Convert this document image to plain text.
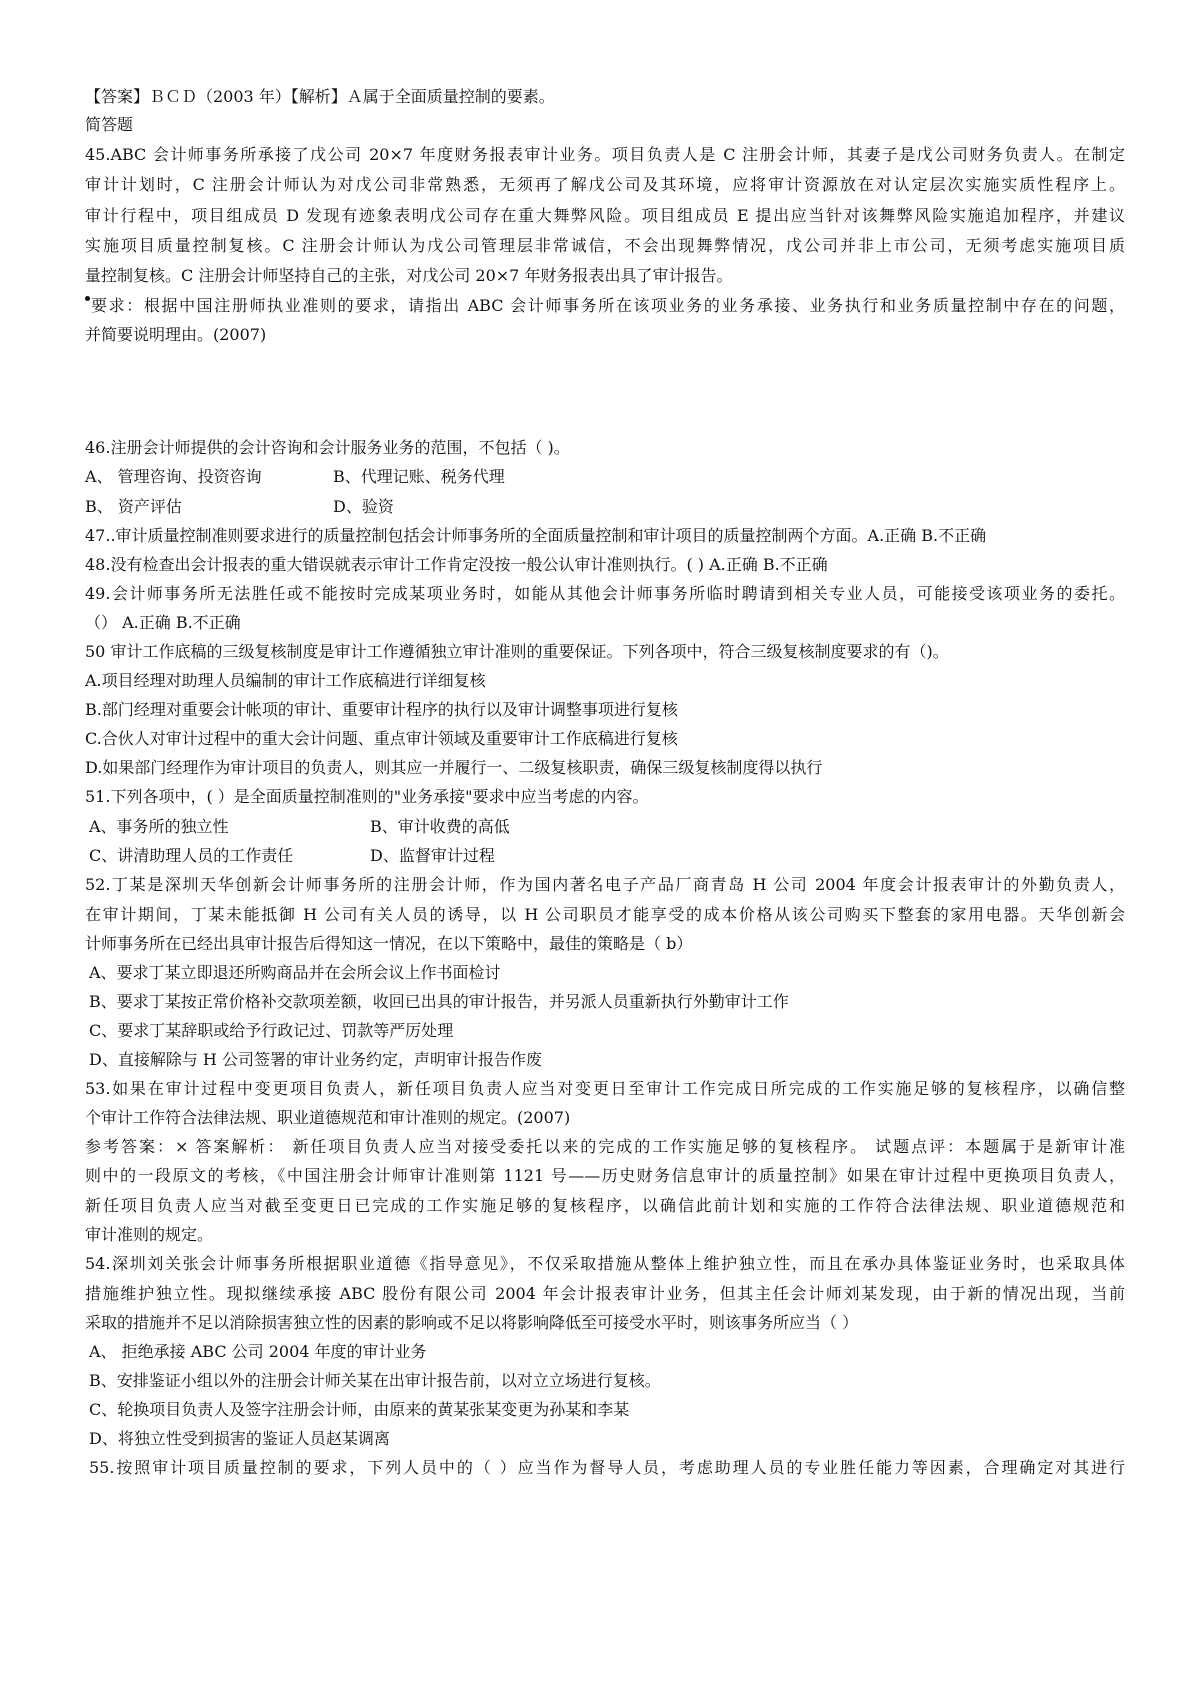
【答案】ＢＣＤ（2003 年）【解析】Ａ属于全面质量控制的要素。
简答题
45.ABC 会计师事务所承接了戊公司 20×7 年度财务报表审计业务。项目负责人是 C 注册会计师，其妻子是戊公司财务负责人。在制定
审计计划时，C 注册会计师认为对戊公司非常熟悉，无须再了解戊公司及其环境，应将审计资源放在对认定层次实施实质性程序上。
审计行程中，项目组成员 D 发现有迹象表明戊公司存在重大舞弊风险。项目组成员 E 提出应当针对该舞弊风险实施追加程序，并建议
实施项目质量控制复核。C 注册会计师认为戊公司管理层非常诚信，不会出现舞弊情况，戊公司并非上市公司，无须考虑实施项目质
量控制复核。C 注册会计师坚持自己的主张，对戊公司 20×7 年财务报表出具了审计报告。
要求：根据中国注册师执业准则的要求，请指出 ABC 会计师事务所在该项业务的业务承接、业务执行和业务质量控制中存在的问题，
并简要说明理由。(2007)
46.注册会计师提供的会计咨询和会计服务业务的范围，不包括（ )。
A、 管理咨询、投资咨询	B、代理记账、税务代理
B、 资产评估	D、验资
47..审计质量控制准则要求进行的质量控制包括会计师事务所的全面质量控制和审计项目的质量控制两个方面。A.正确 B.不正确
48.没有检查出会计报表的重大错误就表示审计工作肯定没按一般公认审计准则执行。( ) A.正确 B.不正确
49.会计师事务所无法胜任或不能按时完成某项业务时，如能从其他会计师事务所临时聘请到相关专业人员，可能接受该项业务的委托。
（） A.正确 B.不正确
50 审计工作底稿的三级复核制度是审计工作遵循独立审计准则的重要保证。下列各项中，符合三级复核制度要求的有（)。
A.项目经理对助理人员编制的审计工作底稿进行详细复核
B.部门经理对重要会计帐项的审计、重要审计程序的执行以及审计调整事项进行复核
C.合伙人对审计过程中的重大会计问题、重点审计领域及重要审计工作底稿进行复核
D.如果部门经理作为审计项目的负责人，则其应一并履行一、二级复核职责，确保三级复核制度得以执行
51.下列各项中，( ）是全面质量控制准则的"业务承接"要求中应当考虑的内容。
A、事务所的独立性	B、审计收费的高低
C、讲清助理人员的工作责任	D、监督审计过程
52.丁某是深圳天华创新会计师事务所的注册会计师，作为国内著名电子产品厂商青岛 H 公司 2004 年度会计报表审计的外勤负责人，
在审计期间，丁某未能抵御 H 公司有关人员的诱导，以 H 公司职员才能享受的成本价格从该公司购买下整套的家用电器。天华创新会
计师事务所在已经出具审计报告后得知这一情况，在以下策略中，最佳的策略是（ b）
A、要求丁某立即退还所购商品并在会所会议上作书面检讨
B、要求丁某按正常价格补交款项差额，收回已出具的审计报告，并另派人员重新执行外勤审计工作
C、要求丁某辞职或给予行政记过、罚款等严厉处理
D、直接解除与 H 公司签署的审计业务约定，声明审计报告作废
53.如果在审计过程中变更项目负责人，新任项目负责人应当对变更日至审计工作完成日所完成的工作实施足够的复核程序，以确信整
个审计工作符合法律法规、职业道德规范和审计准则的规定。(2007)
参考答案：× 答案解析： 新任项目负责人应当对接受委托以来的完成的工作实施足够的复核程序。 试题点评：本题属于是新审计准
则中的一段原文的考核，《中国注册会计师审计准则第 1121 号——历史财务信息审计的质量控制》如果在审计过程中更换项目负责人，
新任项目负责人应当对截至变更日已完成的工作实施足够的复核程序，以确信此前计划和实施的工作符合法律法规、职业道德规范和
审计准则的规定。
54.深圳刘关张会计师事务所根据职业道德《指导意见》，不仅采取措施从整体上维护独立性，而且在承办具体鉴证业务时，也采取具体
措施维护独立性。现拟继续承接 ABC 股份有限公司 2004 年会计报表审计业务，但其主任会计师刘某发现，由于新的情况出现，当前
采取的措施并不足以消除损害独立性的因素的影响或不足以将影响降低至可接受水平时，则该事务所应当（ ）
A、 拒绝承接 ABC 公司 2004 年度的审计业务
B、安排鉴证小组以外的注册会计师关某在出审计报告前，以对立立场进行复核。
C、轮换项目负责人及签字注册会计师，由原来的黄某张某变更为孙某和李某
D、将独立性受到损害的鉴证人员赵某调离
55.按照审计项目质量控制的要求，下列人员中的（ ）应当作为督导人员，考虑助理人员的专业胜任能力等因素，合理确定对其进行
